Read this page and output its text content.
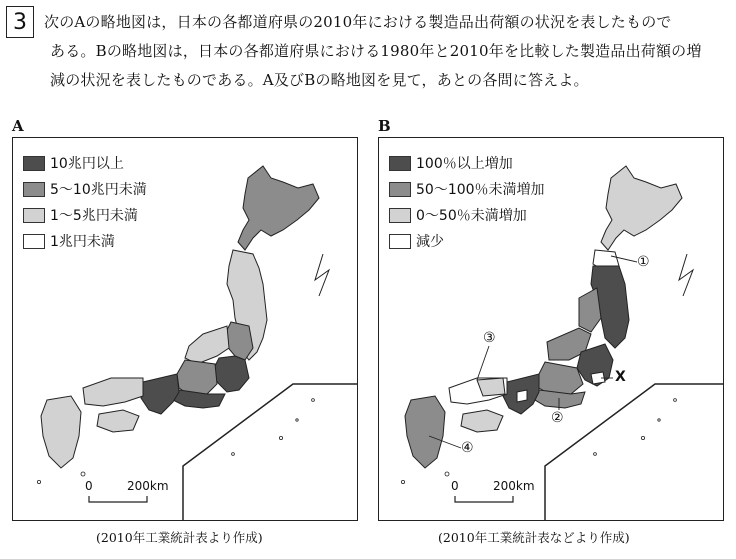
3	次のAの略地図は，日本の各都道府県の2010年における製造品出荷額の状況を表したもので
ある。Bの略地図は，日本の各都道府県における1980年と2010年を比較した製造品出荷額の増
減の状況を表したものである。A及びBの略地図を見て，あとの各問に答えよ。
A
10兆円以上
5～10兆円未満
1～5兆円未満
1兆円未満
0	200km
(2010年工業統計表より作成)
B
100％以上増加
50～100％未満増加
0～50％未満増加
減少
①
②
③
④
X
0	200km
(2010年工業統計表などより作成)
